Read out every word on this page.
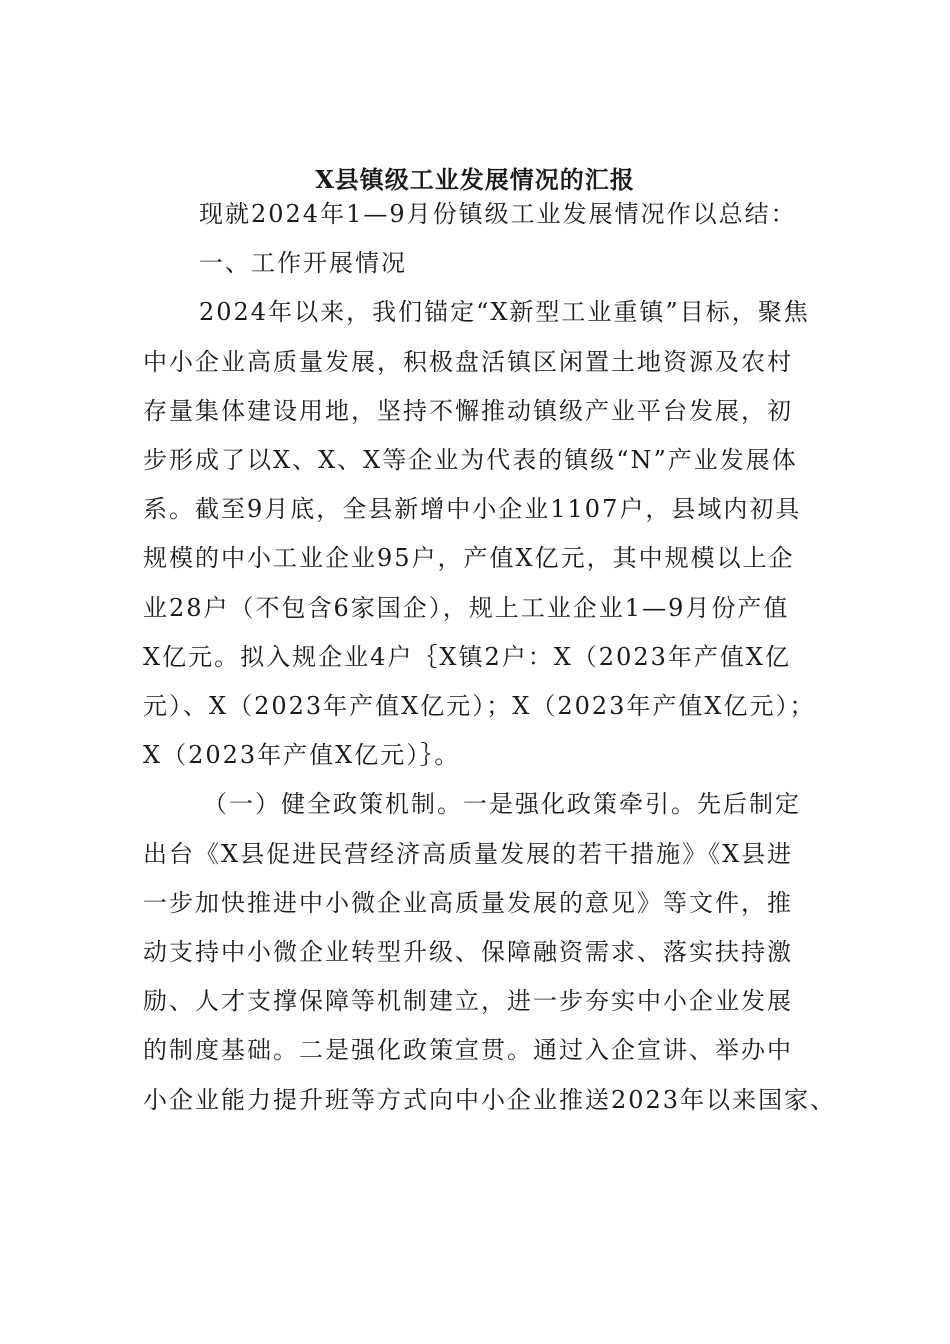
X县镇级工业发展情况的汇报
现就2024年1—9月份镇级工业发展情况作以总结：
一、工作开展情况
2024年以来，我们锚定“X新型工业重镇”目标，聚焦
中小企业高质量发展，积极盘活镇区闲置土地资源及农村
存量集体建设用地，坚持不懈推动镇级产业平台发展，初
步形成了以X、X、X等企业为代表的镇级“N”产业发展体
系。截至9月底，全县新增中小企业1107户，县域内初具
规模的中小工业企业95户，产值X亿元，其中规模以上企
业28户（不包含6家国企），规上工业企业1—9月份产值
X亿元。拟入规企业4户｛X镇2户：X（2023年产值X亿
元）、X（2023年产值X亿元）；X（2023年产值X亿元）；
X（2023年产值X亿元）｝。
（一）健全政策机制。一是强化政策牵引。先后制定
出台《X县促进民营经济高质量发展的若干措施》《X县进
一步加快推进中小微企业高质量发展的意见》等文件，推
动支持中小微企业转型升级、保障融资需求、落实扶持激
励、人才支撑保障等机制建立，进一步夯实中小企业发展
的制度基础。二是强化政策宣贯。通过入企宣讲、举办中
小企业能力提升班等方式向中小企业推送2023年以来国家、
